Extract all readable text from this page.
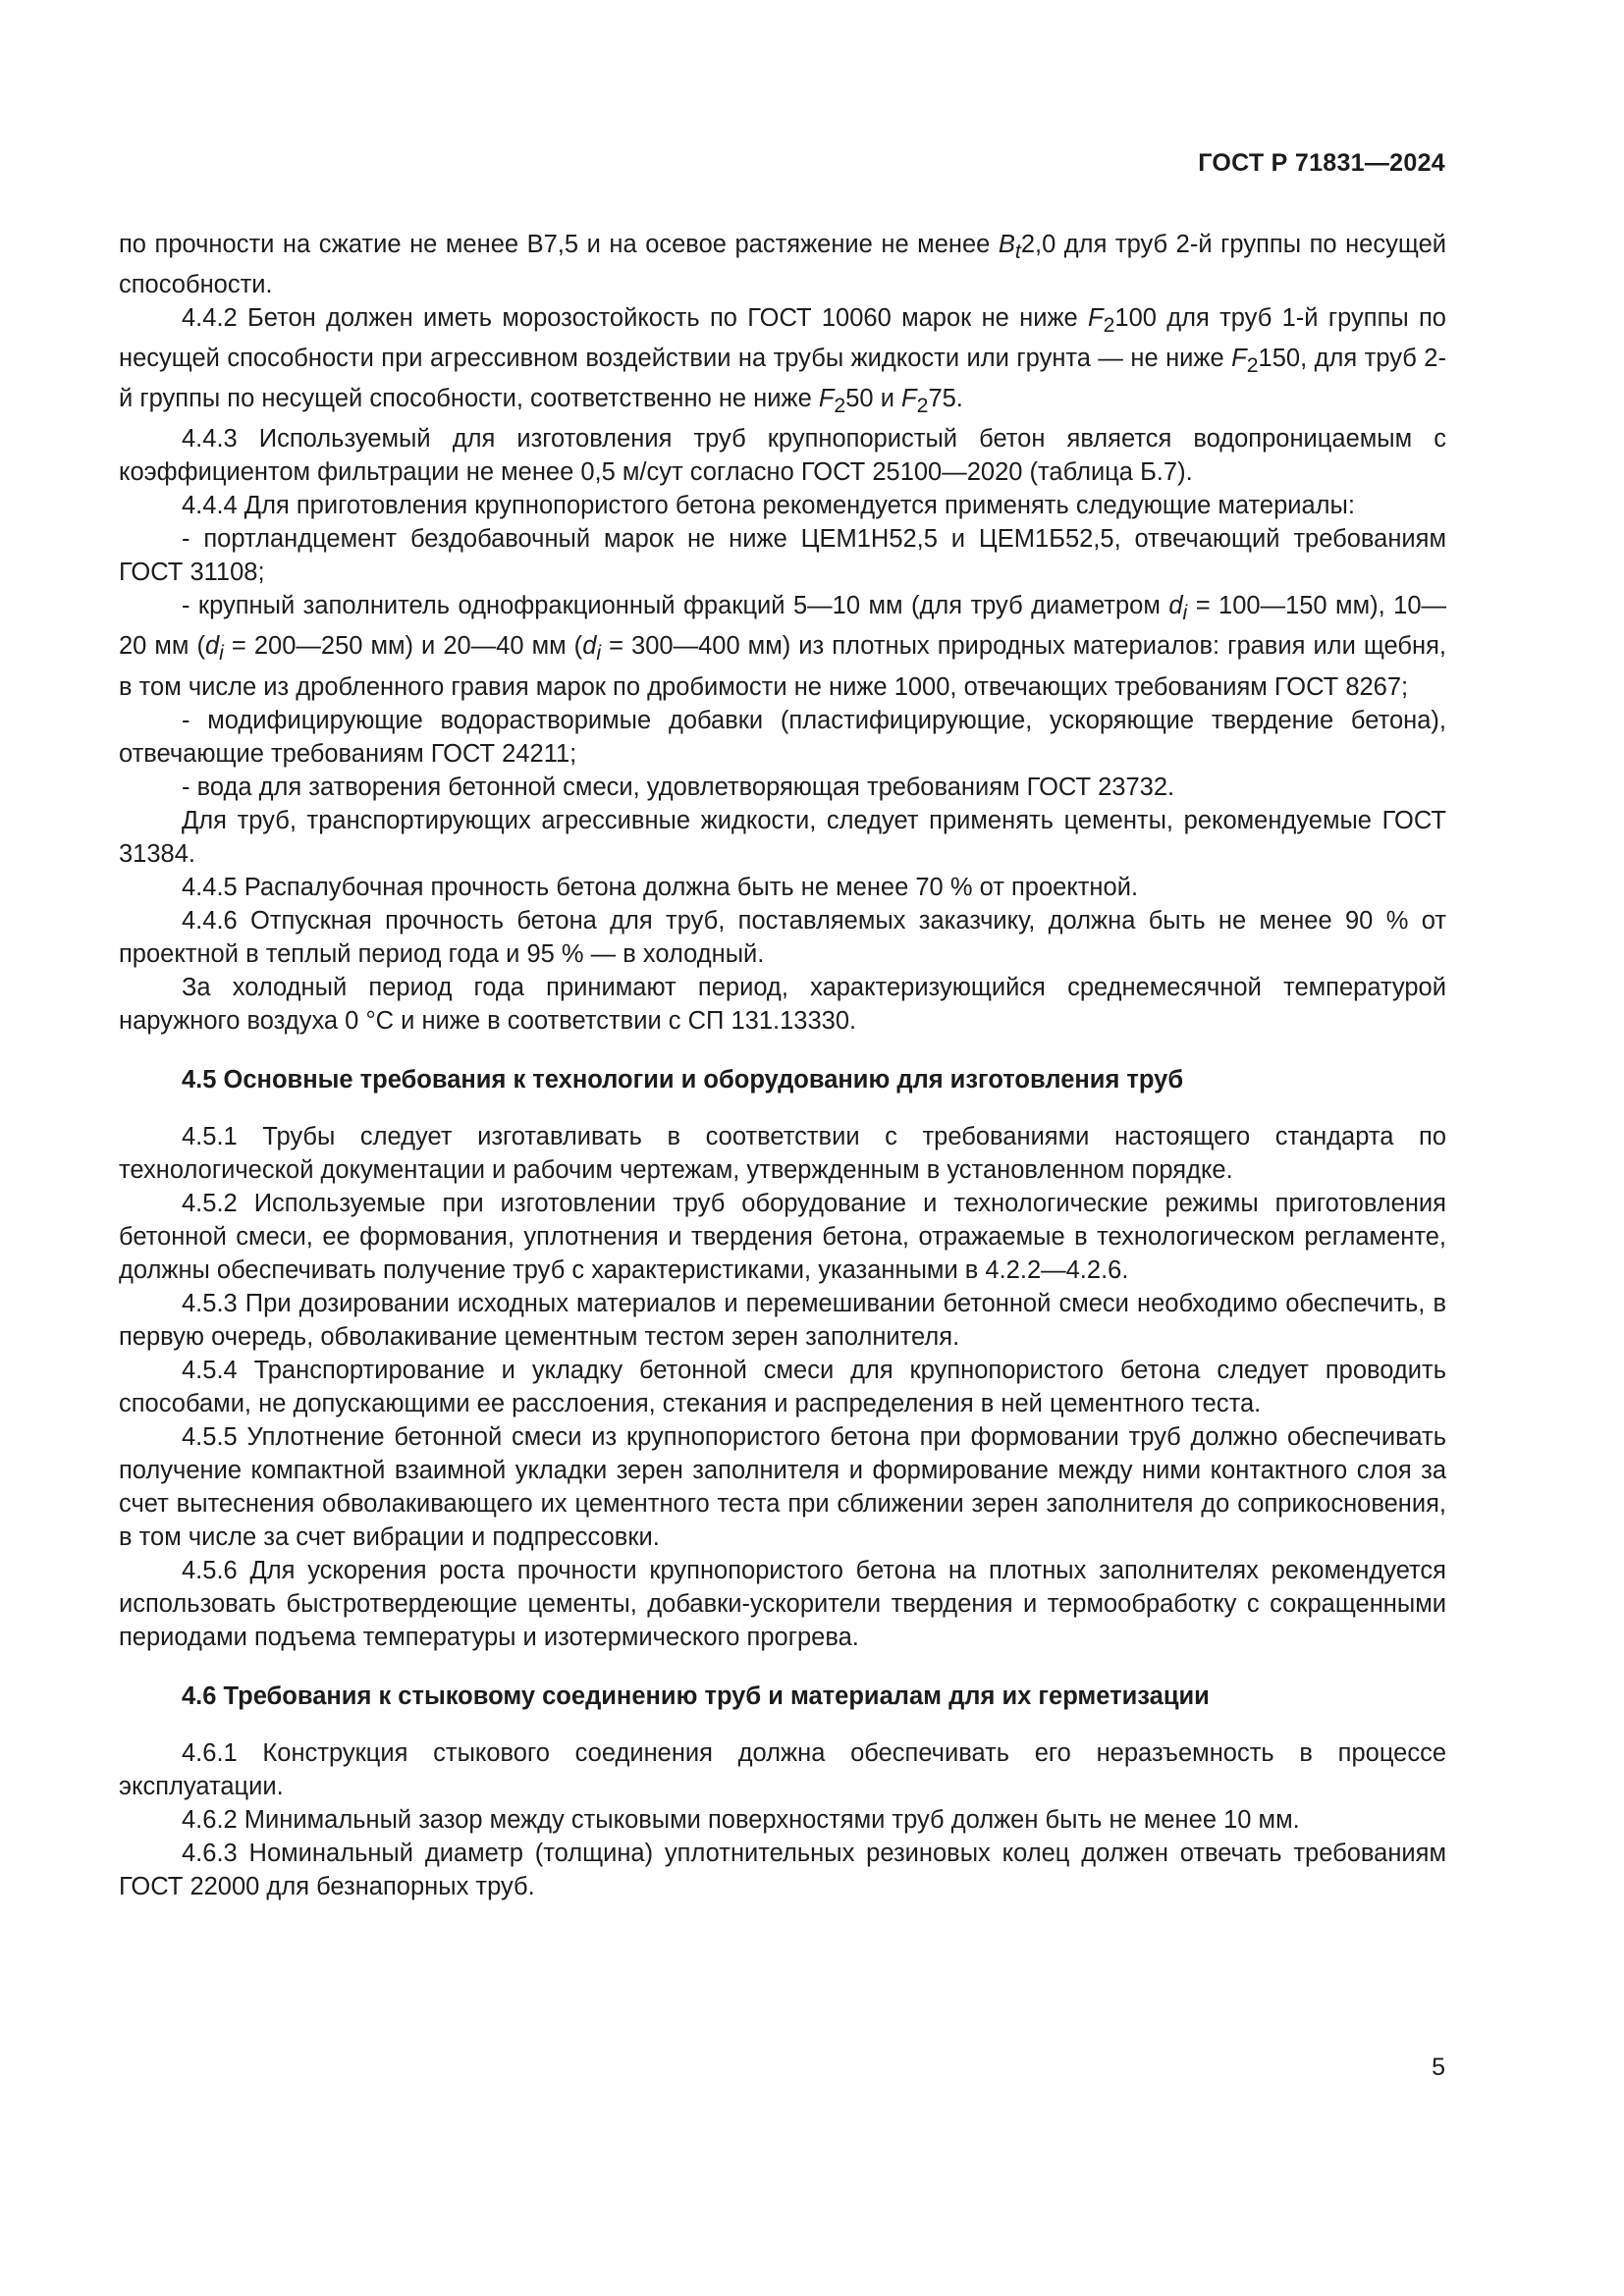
ГОСТ Р 71831—2024

по прочности на сжатие не менее В7,5 и на осевое растяжение не менее $B_t2,0$ для труб 2-й группы по несущей способности.

4.4.2 Бетон должен иметь морозостойкость по ГОСТ 10060 марок не ниже $F_2100$ для труб 1-й группы по несущей способности при агрессивном воздействии на трубы жидкости или грунта — не ниже $F_2150$, для труб 2-й группы по несущей способности, соответственно не ниже $F_250$ и $F_275$.

4.4.3 Используемый для изготовления труб крупнопористый бетон является водопроницаемым с коэффициентом фильтрации не менее 0,5 м/сут согласно ГОСТ 25100—2020 (таблица Б.7).

4.4.4 Для приготовления крупнопористого бетона рекомендуется применять следующие материалы:

- портландцемент бездобавочный марок не ниже ЦЕМ1Н52,5 и ЦЕМ1Б52,5, отвечающий требованиям ГОСТ 31108;

- крупный заполнитель однофракционный фракций 5—10 мм (для труб диаметром $d_i$ = 100—150 мм), 10—20 мм ($d_i$ = 200—250 мм) и 20—40 мм ($d_i$ = 300—400 мм) из плотных природных материалов: гравия или щебня, в том числе из дробленного гравия марок по дробимости не ниже 1000, отвечающих требованиям ГОСТ 8267;

- модифицирующие водорастворимые добавки (пластифицирующие, ускоряющие твердение бетона), отвечающие требованиям ГОСТ 24211;

- вода для затворения бетонной смеси, удовлетворяющая требованиям ГОСТ 23732.

Для труб, транспортирующих агрессивные жидкости, следует применять цементы, рекомендуемые ГОСТ 31384.

4.4.5 Распалубочная прочность бетона должна быть не менее 70 % от проектной.

4.4.6 Отпускная прочность бетона для труб, поставляемых заказчику, должна быть не менее 90 % от проектной в теплый период года и 95 % — в холодный.

За холодный период года принимают период, характеризующийся среднемесячной температурой наружного воздуха 0 °С и ниже в соответствии с СП 131.13330.

4.5 Основные требования к технологии и оборудованию для изготовления труб

4.5.1 Трубы следует изготавливать в соответствии с требованиями настоящего стандарта по технологической документации и рабочим чертежам, утвержденным в установленном порядке.

4.5.2 Используемые при изготовлении труб оборудование и технологические режимы приготовления бетонной смеси, ее формования, уплотнения и твердения бетона, отражаемые в технологическом регламенте, должны обеспечивать получение труб с характеристиками, указанными в 4.2.2—4.2.6.

4.5.3 При дозировании исходных материалов и перемешивании бетонной смеси необходимо обеспечить, в первую очередь, обволакивание цементным тестом зерен заполнителя.

4.5.4 Транспортирование и укладку бетонной смеси для крупнопористого бетона следует проводить способами, не допускающими ее расслоения, стекания и распределения в ней цементного теста.

4.5.5 Уплотнение бетонной смеси из крупнопористого бетона при формовании труб должно обеспечивать получение компактной взаимной укладки зерен заполнителя и формирование между ними контактного слоя за счет вытеснения обволакивающего их цементного теста при сближении зерен заполнителя до соприкосновения, в том числе за счет вибрации и подпрессовки.

4.5.6 Для ускорения роста прочности крупнопористого бетона на плотных заполнителях рекомендуется использовать быстротвердеющие цементы, добавки-ускорители твердения и термообработку с сокращенными периодами подъема температуры и изотермического прогрева.

4.6 Требования к стыковому соединению труб и материалам для их герметизации

4.6.1 Конструкция стыкового соединения должна обеспечивать его неразъемность в процессе эксплуатации.

4.6.2 Минимальный зазор между стыковыми поверхностями труб должен быть не менее 10 мм.

4.6.3 Номинальный диаметр (толщина) уплотнительных резиновых колец должен отвечать требованиям ГОСТ 22000 для безнапорных труб.

5
